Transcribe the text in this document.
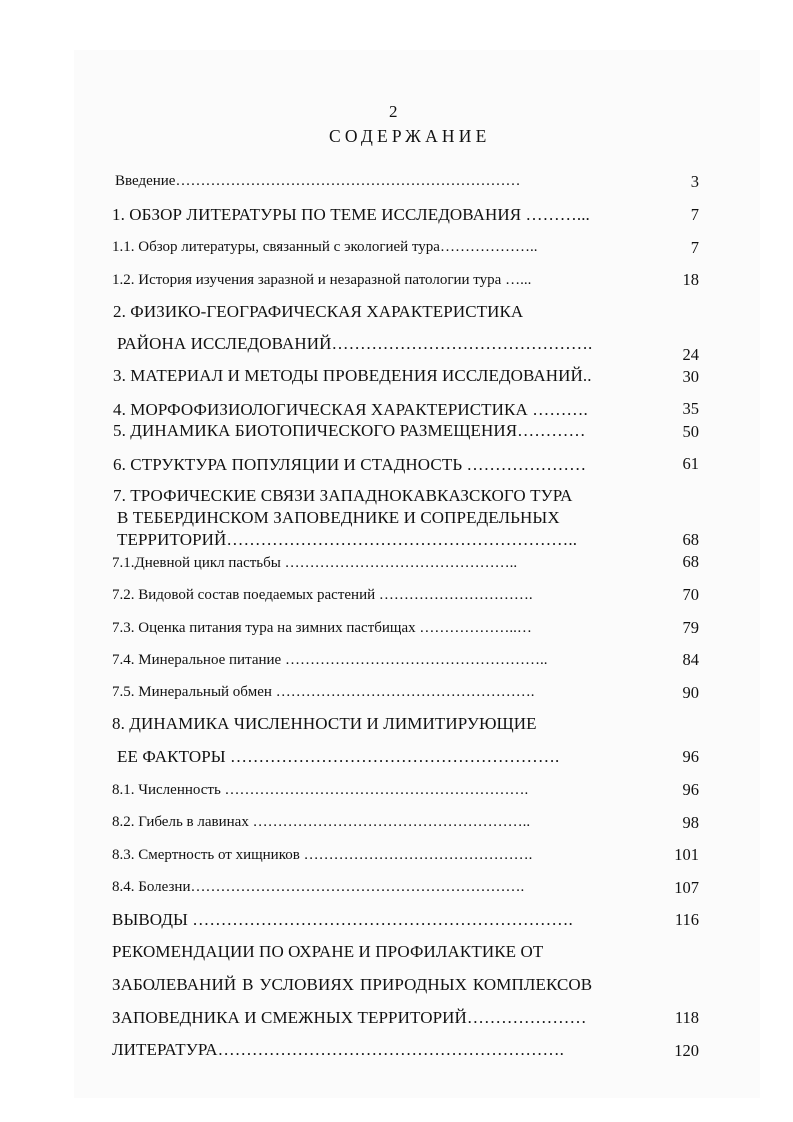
2
СОДЕРЖАНИЕ
Введение……………………………………………………………	3
1. ОБЗОР ЛИТЕРАТУРЫ ПО ТЕМЕ ИССЛЕДОВАНИЯ ………...	7
1.1. Обзор литературы, связанный с экологией тура………………..	7
1.2. История изучения заразной и незаразной патологии тура …...	18
2. ФИЗИКО-ГЕОГРАФИЧЕСКАЯ ХАРАКТЕРИСТИКА
РАЙОНА ИССЛЕДОВАНИЙ……………………………………….
24
3. МАТЕРИАЛ И МЕТОДЫ ПРОВЕДЕНИЯ ИССЛЕДОВАНИЙ..	30
4. МОРФОФИЗИОЛОГИЧЕСКАЯ ХАРАКТЕРИСТИКА ……….	35
5. ДИНАМИКА БИОТОПИЧЕСКОГО РАЗМЕЩЕНИЯ…………	50
6. СТРУКТУРА ПОПУЛЯЦИИ И СТАДНОСТЬ …………………	61
7. ТРОФИЧЕСКИЕ СВЯЗИ ЗАПАДНОКАВКАЗСКОГО ТУРА
В ТЕБЕРДИНСКОМ ЗАПОВЕДНИКЕ И СОПРЕДЕЛЬНЫХ
ТЕРРИТОРИЙ……………………………………………………..	68
7.1.Дневной цикл пастьбы ………………………………………..	68
7.2. Видовой состав поедаемых растений ………………………….	70
7.3. Оценка питания тура на зимних пастбищах ………………..…	79
7.4. Минеральное питание ……………………………………………..	84
7.5. Минеральный обмен …………………………………………….	90
8. ДИНАМИКА ЧИСЛЕННОСТИ И ЛИМИТИРУЮЩИЕ
ЕЕ ФАКТОРЫ ………………………………………………….	96
8.1. Численность …………………………………………………….	96
8.2. Гибель в лавинах ………………………………………………..	98
8.3. Смертность от хищников ……………………………………….	101
8.4. Болезни………………………………………………………….	107
ВЫВОДЫ ………………………………………………………….	116
РЕКОМЕНДАЦИИ ПО ОХРАНЕ И ПРОФИЛАКТИКЕ ОТ
ЗАБОЛЕВАНИЙ В УСЛОВИЯХ ПРИРОДНЫХ КОМПЛЕКСОВ
ЗАПОВЕДНИКА И СМЕЖНЫХ ТЕРРИТОРИЙ…………………	118
ЛИТЕРАТУРА…………………………………………………….	120
